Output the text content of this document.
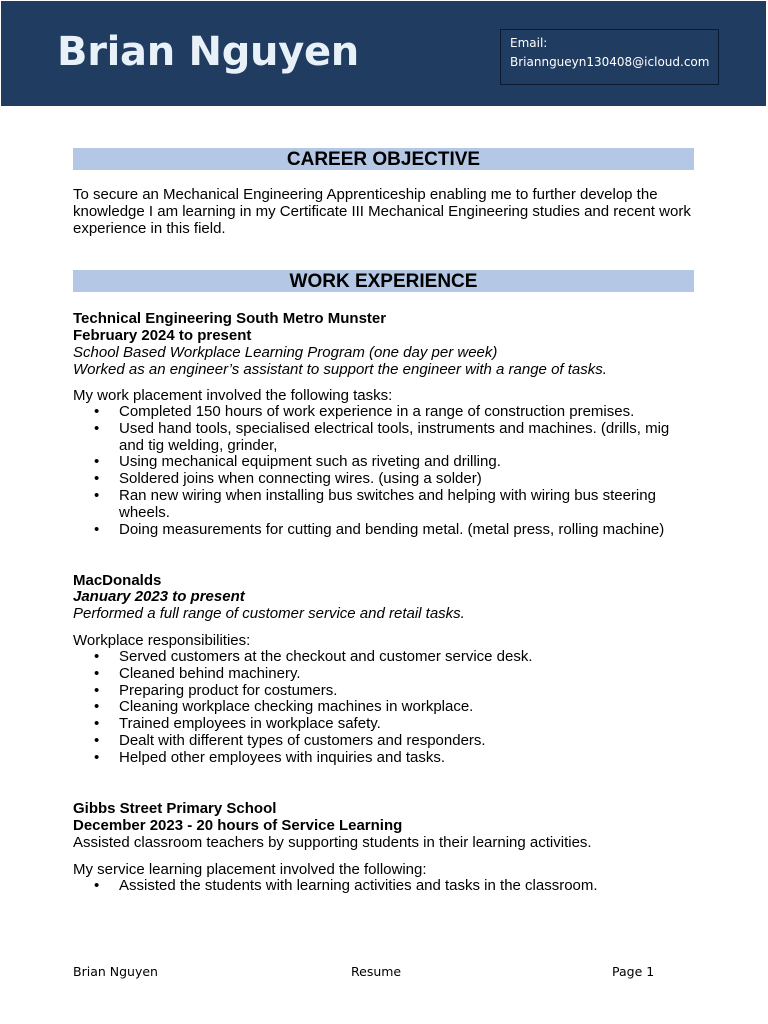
Brian Nguyen	Email:
Brianngueyn130408@icloud.com
CAREER OBJECTIVE
To secure an Mechanical Engineering Apprenticeship enabling me to further develop the knowledge I am learning in my Certificate III Mechanical Engineering studies and recent work experience in this field.
WORK EXPERIENCE
Technical Engineering South Metro Munster
February 2024 to present
School Based Workplace Learning Program (one day per week)
Worked as an engineer’s assistant to support the engineer with a range of tasks.
My work placement involved the following tasks:
• Completed 150 hours of work experience in a range of construction premises.
• Used hand tools, specialised electrical tools, instruments and machines. (drills, mig and tig welding, grinder,
• Using mechanical equipment such as riveting and drilling.
• Soldered joins when connecting wires. (using a solder)
• Ran new wiring when installing bus switches and helping with wiring bus steering wheels.
• Doing measurements for cutting and bending metal. (metal press, rolling machine)
MacDonalds
January 2023 to present
Performed a full range of customer service and retail tasks.
Workplace responsibilities:
• Served customers at the checkout and customer service desk.
• Cleaned behind machinery.
• Preparing product for costumers.
• Cleaning workplace checking machines in workplace.
• Trained employees in workplace safety.
• Dealt with different types of customers and responders.
• Helped other employees with inquiries and tasks.
Gibbs Street Primary School
December 2023 - 20 hours of Service Learning
Assisted classroom teachers by supporting students in their learning activities.
My service learning placement involved the following:
• Assisted the students with learning activities and tasks in the classroom.
Brian Nguyen	Resume	Page 1
